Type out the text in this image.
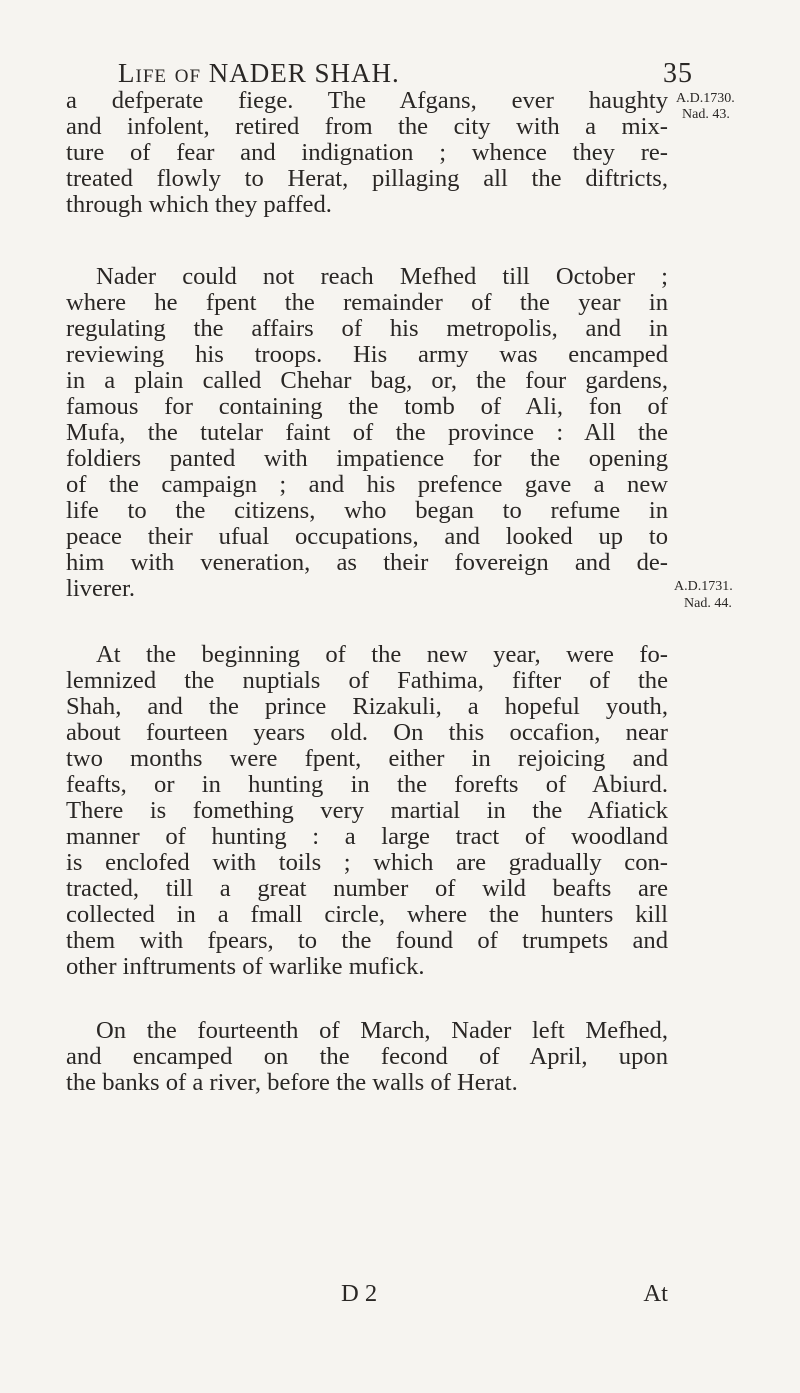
Life of NADER SHAH.	35
A.D.1730.
Nad. 43.
A.D.1731.
Nad. 44.

a defperate fiege. The Afgans, ever haughty
and infolent, retired from the city with a mix-
ture of fear and indignation ; whence they re-
treated flowly to Herat, pillaging all the diftricts,
through which they paffed.

Nader could not reach Mefhed till October ;
where he fpent the remainder of the year in
regulating the affairs of his metropolis, and in
reviewing his troops. His army was encamped
in a plain called Chehar bag, or, the four gardens,
famous for containing the tomb of Ali, fon of
Mufa, the tutelar faint of the province : All the
foldiers panted with impatience for the opening
of the campaign ; and his prefence gave a new
life to the citizens, who began to refume in
peace their ufual occupations, and looked up to
him with veneration, as their fovereign and de-
liverer.

At the beginning of the new year, were fo-
lemnized the nuptials of Fathima, fifter of the
Shah, and the prince Rizakuli, a hopeful youth,
about fourteen years old. On this occafion, near
two months were fpent, either in rejoicing and
feafts, or in hunting in the forefts of Abiurd.
There is fomething very martial in the Afiatick
manner of hunting : a large tract of woodland
is enclofed with toils ; which are gradually con-
tracted, till a great number of wild beafts are
collected in a fmall circle, where the hunters kill
them with fpears, to the found of trumpets and
other inftruments of warlike mufick.

On the fourteenth of March, Nader left Mefhed,
and encamped on the fecond of April, upon
the banks of a river, before the walls of Herat.

D 2	At
